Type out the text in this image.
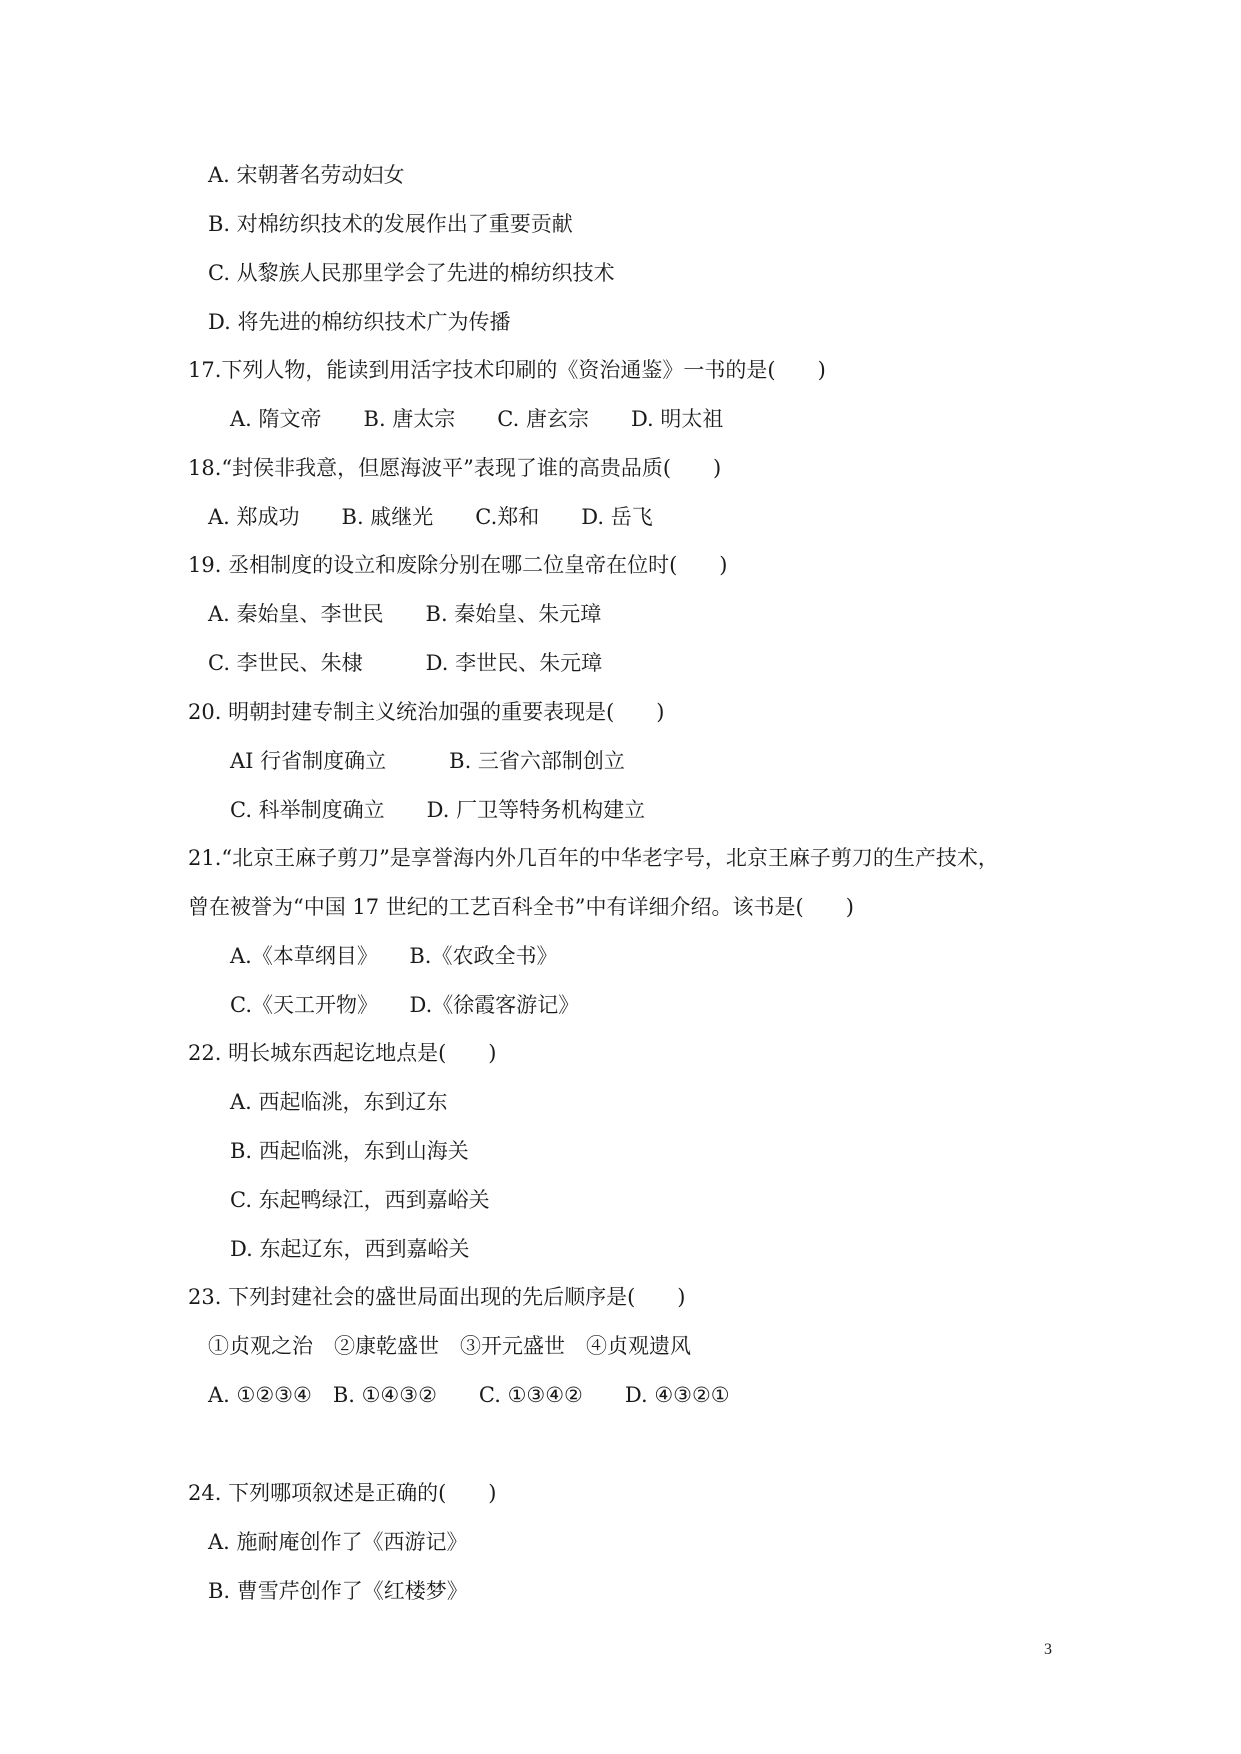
A. 宋朝著名劳动妇女
B. 对棉纺织技术的发展作出了重要贡献
C. 从黎族人民那里学会了先进的棉纺织技术
D. 将先进的棉纺织技术广为传播
17.下列人物，能读到用活字技术印刷的《资治通鉴》一书的是(　　)
A. 隋文帝　　B. 唐太宗　　C. 唐玄宗　　D. 明太祖
18.“封侯非我意，但愿海波平”表现了谁的高贵品质(　　)
A. 郑成功　　B. 戚继光　　C.郑和　　D. 岳飞
19. 丞相制度的设立和废除分别在哪二位皇帝在位时(　　)
A. 秦始皇、李世民　　B. 秦始皇、朱元璋
C. 李世民、朱棣　　　D. 李世民、朱元璋
20. 明朝封建专制主义统治加强的重要表现是(　　)
AI 行省制度确立　　　B. 三省六部制创立
C. 科举制度确立　　D. 厂卫等特务机构建立
21.“北京王麻子剪刀”是享誉海内外几百年的中华老字号，北京王麻子剪刀的生产技术，
曾在被誉为“中国 17 世纪的工艺百科全书”中有详细介绍。该书是(　　)
A.《本草纲目》　　B.《农政全书》
C.《天工开物》　　D.《徐霞客游记》
22. 明长城东西起讫地点是(　　)
A. 西起临洮，东到辽东
B. 西起临洮，东到山海关
C. 东起鸭绿江，西到嘉峪关
D. 东起辽东，西到嘉峪关
23. 下列封建社会的盛世局面出现的先后顺序是(　　)
①贞观之治　②康乾盛世　③开元盛世　④贞观遗风
A. ①②③④　B. ①④③②　　C. ①③④②　　D. ④③②①
24. 下列哪项叙述是正确的(　　)
A. 施耐庵创作了《西游记》
B. 曹雪芹创作了《红楼梦》
3
